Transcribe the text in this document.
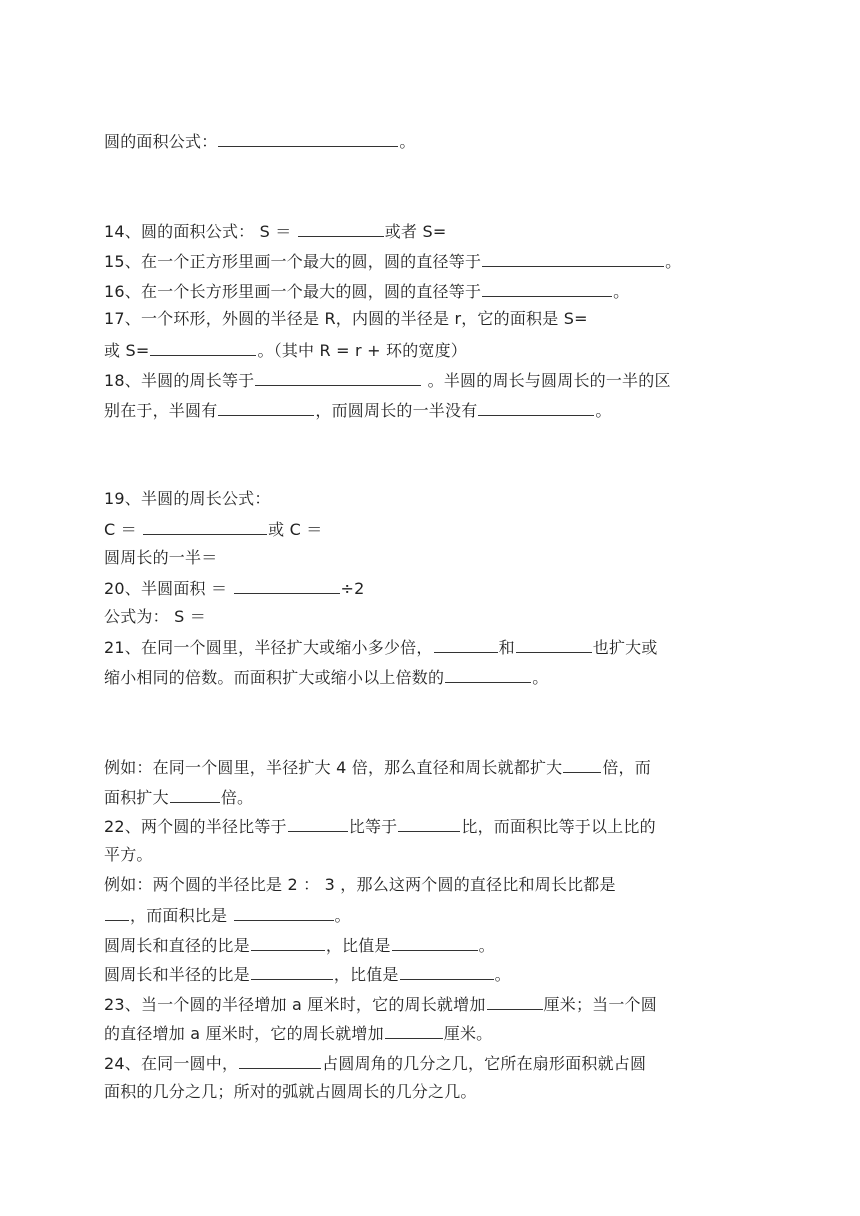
圆的面积公式：	。
14、圆的面积公式： S ＝	或者 S=
15、在一个正方形里画一个最大的圆，圆的直径等于	。
16、在一个长方形里画一个最大的圆，圆的直径等于	。
17、一个环形，外圆的半径是 R，内圆的半径是 r，它的面积是 S=
或 S=	。（其中 R = r + 环的宽度）
18、半圆的周长等于	。半圆的周长与圆周长的一半的区
别在于，半圆有	，而圆周长的一半没有	。
19、半圆的周长公式：
C ＝	或 C ＝
圆周长的一半＝
20、半圆面积 ＝	÷2
公式为： S ＝
21、在同一个圆里，半径扩大或缩小多少倍，	和	也扩大或
缩小相同的倍数。而面积扩大或缩小以上倍数的	。
例如：在同一个圆里，半径扩大 4 倍，那么直径和周长就都扩大	倍，而
面积扩大	倍。
22、两个圆的半径比等于	比等于	比，而面积比等于以上比的
平方。
例如：两个圆的半径比是 2 ： 3 ，那么这两个圆的直径比和周长比都是
，而面积比是	。
圆周长和直径的比是	，比值是	。
圆周长和半径的比是	，比值是	。
23、当一个圆的半径增加 a 厘米时，它的周长就增加	厘米；当一个圆
的直径增加 a 厘米时，它的周长就增加	厘米。
24、在同一圆中，	占圆周角的几分之几，它所在扇形面积就占圆
面积的几分之几；所对的弧就占圆周长的几分之几。
